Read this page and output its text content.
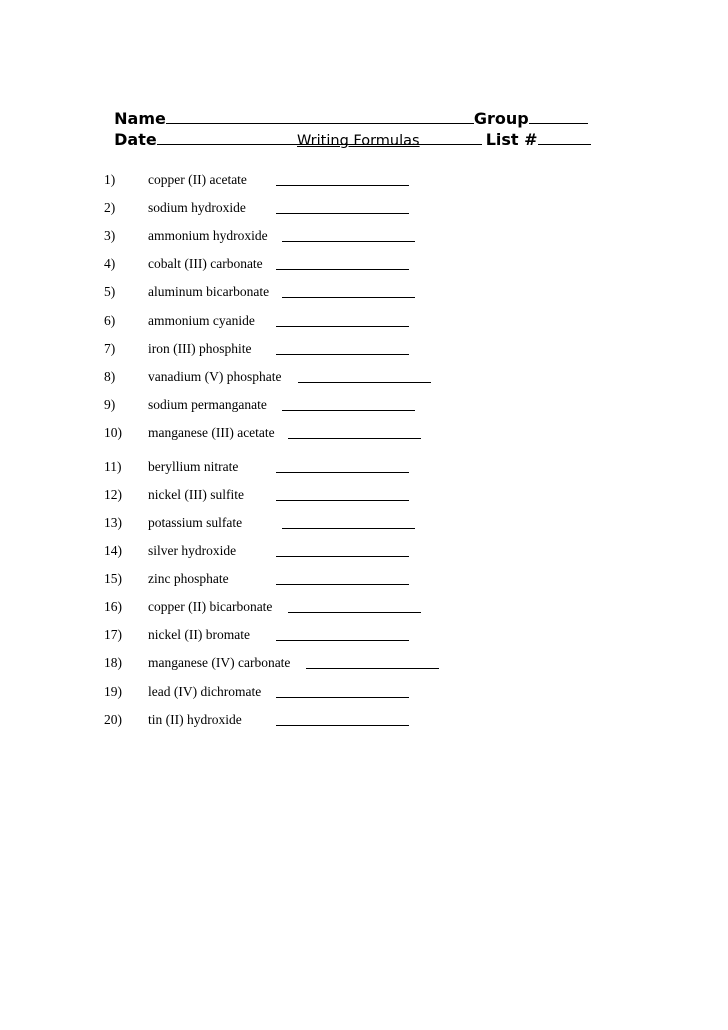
Name	Group

Date	List #

Writing Formulas
1) copper (II) acetate
2) sodium hydroxide
3) ammonium hydroxide
4) cobalt (III) carbonate
5) aluminum bicarbonate
6) ammonium cyanide
7) iron (III) phosphite
8) vanadium (V) phosphate
9) sodium permanganate
10) manganese (III) acetate
11) beryllium nitrate
12) nickel (III) sulfite
13) potassium sulfate
14) silver hydroxide
15) zinc phosphate
16) copper (II) bicarbonate
17) nickel (II) bromate
18) manganese (IV) carbonate
19) lead (IV) dichromate
20) tin (II) hydroxide
